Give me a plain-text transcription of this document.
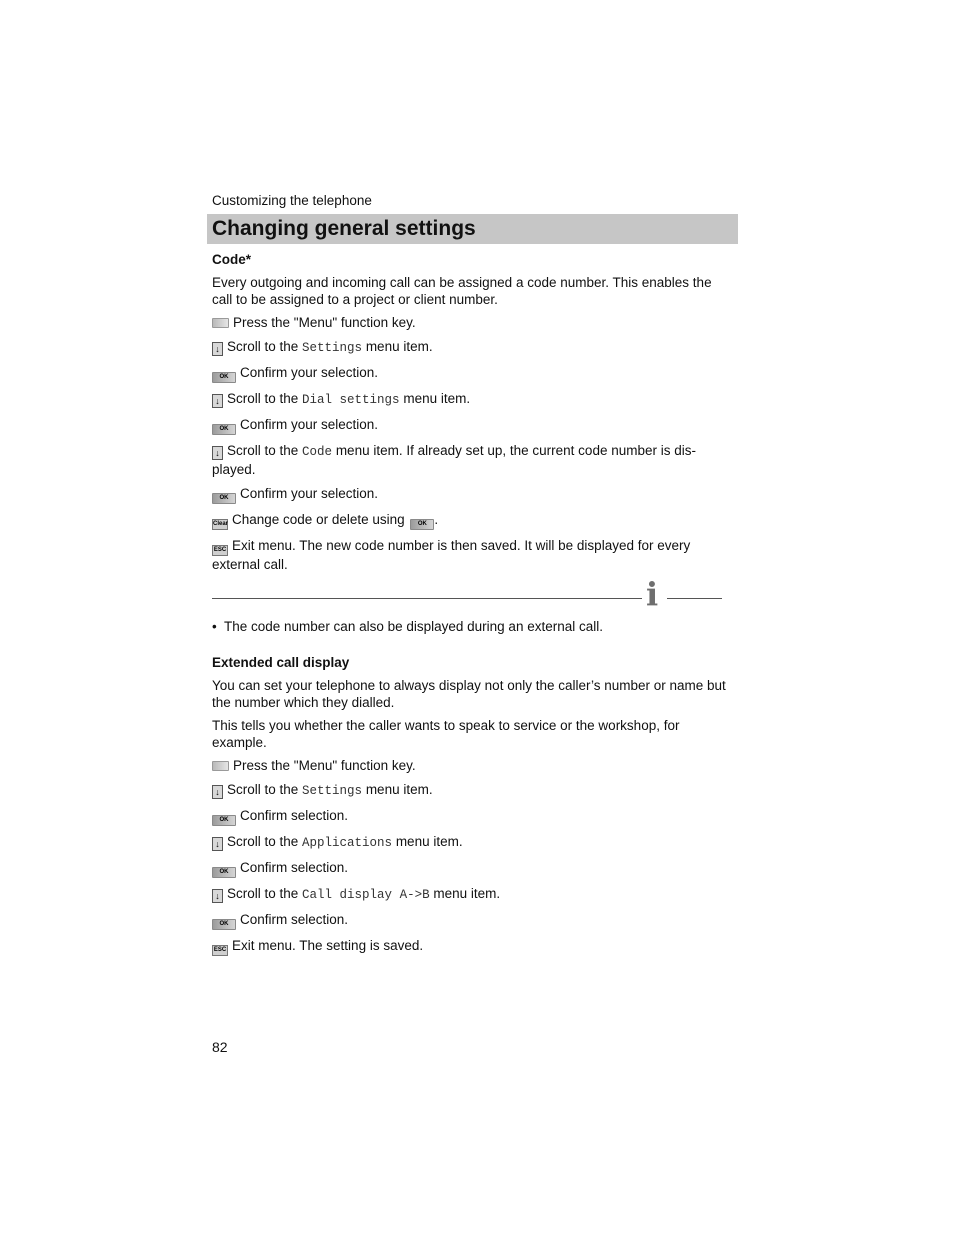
Customizing the telephone
Changing general settings
Code*

Every outgoing and incoming call can be assigned a code number. This enables the call to be assigned to a project or client number.

Press the "Menu" function key.
↓ Scroll to the Settings menu item.
OK Confirm your selection.
↓ Scroll to the Dial settings menu item.
OK Confirm your selection.
↓ Scroll to the Code menu item. If already set up, the current code number is dis-played.
OK Confirm your selection.
Clear Change code or delete using OK .
ESC Exit menu. The new code number is then saved. It will be displayed for every external call.
i
• The code number can also be displayed during an external call.
Extended call display

You can set your telephone to always display not only the caller’s number or name but the number which they dialled.

This tells you whether the caller wants to speak to service or the workshop, for example.

Press the "Menu" function key.
↓ Scroll to the Settings menu item.
OK Confirm selection.
↓ Scroll to the Applications menu item.
OK Confirm selection.
↓ Scroll to the Call display A->B menu item.
OK Confirm selection.
ESC Exit menu. The setting is saved.
82
